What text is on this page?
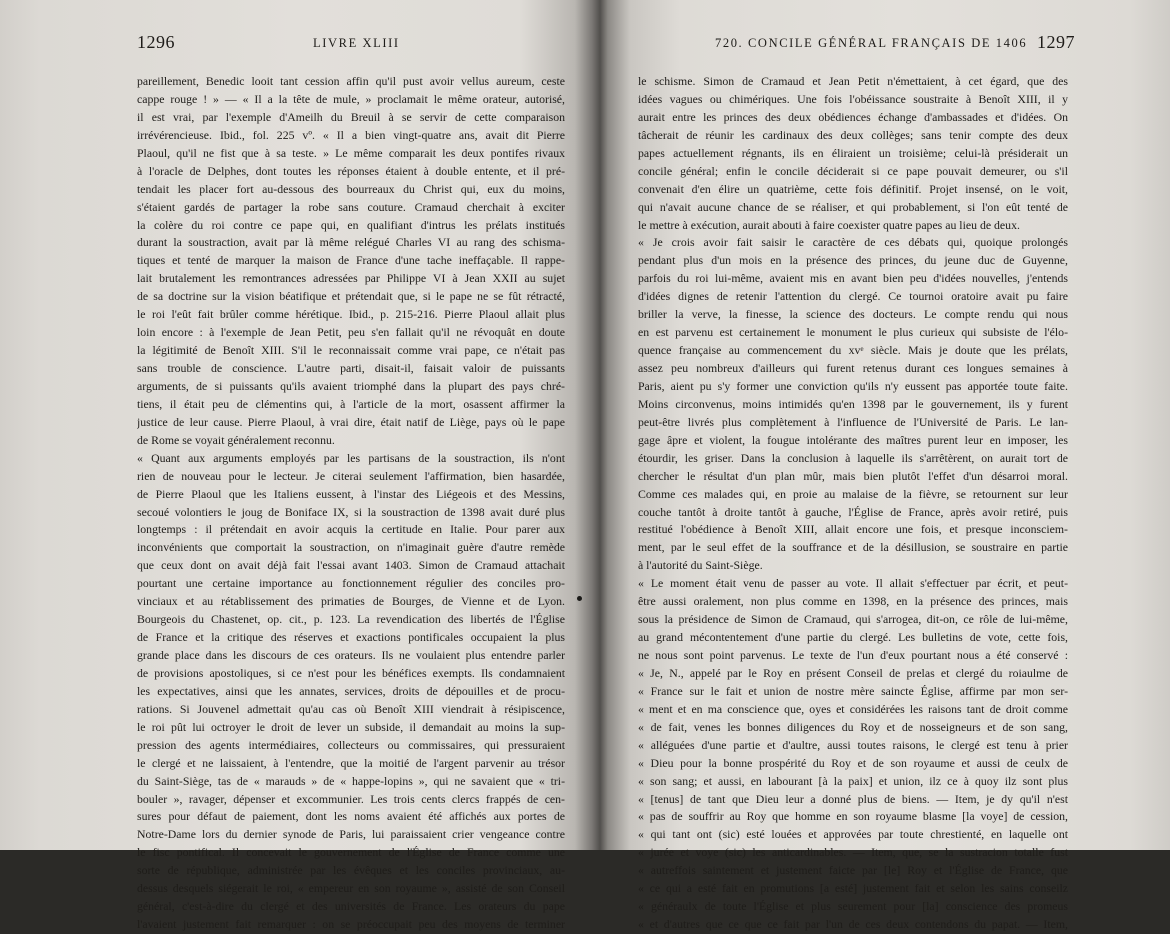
1296	LIVRE XLIII
pareillement, Benedic looit tant cession affin qu'il pust avoir vellus aureum, ceste
cappe rouge ! » — « Il a la tête de mule, » proclamait le même orateur, autorisé,
il est vrai, par l'exemple d'Ameilh du Breuil à se servir de cette comparaison
irrévérencieuse. Ibid., fol. 225 vº. « Il a bien vingt-quatre ans, avait dit Pierre
Plaoul, qu'il ne fist que à sa teste. » Le même comparait les deux pontifes rivaux
à l'oracle de Delphes, dont toutes les réponses étaient à double entente, et il pré-
tendait les placer fort au-dessous des bourreaux du Christ qui, eux du moins,
s'étaient gardés de partager la robe sans couture. Cramaud cherchait à exciter
la colère du roi contre ce pape qui, en qualifiant d'intrus les prélats institués
durant la soustraction, avait par là même relégué Charles VI au rang des schisma-
tiques et tenté de marquer la maison de France d'une tache ineffaçable. Il rappe-
lait brutalement les remontrances adressées par Philippe VI à Jean XXII au sujet
de sa doctrine sur la vision béatifique et prétendait que, si le pape ne se fût rétracté,
le roi l'eût fait brûler comme hérétique. Ibid., p. 215-216. Pierre Plaoul allait plus
loin encore : à l'exemple de Jean Petit, peu s'en fallait qu'il ne révoquât en doute
la légitimité de Benoît XIII. S'il le reconnaissait comme vrai pape, ce n'était pas
sans trouble de conscience. L'autre parti, disait-il, faisait valoir de puissants
arguments, de si puissants qu'ils avaient triomphé dans la plupart des pays chré-
tiens, il était peu de clémentins qui, à l'article de la mort, osassent affirmer la
justice de leur cause. Pierre Plaoul, à vrai dire, était natif de Liège, pays où le pape
de Rome se voyait généralement reconnu.
« Quant aux arguments employés par les partisans de la soustraction, ils n'ont
rien de nouveau pour le lecteur. Je citerai seulement l'affirmation, bien hasardée,
de Pierre Plaoul que les Italiens eussent, à l'instar des Liégeois et des Messins,
secoué volontiers le joug de Boniface IX, si la soustraction de 1398 avait duré plus
longtemps : il prétendait en avoir acquis la certitude en Italie. Pour parer aux
inconvénients que comportait la soustraction, on n'imaginait guère d'autre remède
que ceux dont on avait déjà fait l'essai avant 1403. Simon de Cramaud attachait
pourtant une certaine importance au fonctionnement régulier des conciles pro-
vinciaux et au rétablissement des primaties de Bourges, de Vienne et de Lyon.
Bourgeois du Chastenet, op. cit., p. 123. La revendication des libertés de l'Église
de France et la critique des réserves et exactions pontificales occupaient la plus
grande place dans les discours de ces orateurs. Ils ne voulaient plus entendre parler
de provisions apostoliques, si ce n'est pour les bénéfices exempts. Ils condamnaient
les expectatives, ainsi que les annates, services, droits de dépouilles et de procu-
rations. Si Jouvenel admettait qu'au cas où Benoît XIII viendrait à résipiscence,
le roi pût lui octroyer le droit de lever un subside, il demandait au moins la sup-
pression des agents intermédiaires, collecteurs ou commissaires, qui pressuraient
le clergé et ne laissaient, à l'entendre, que la moitié de l'argent parvenir au trésor
du Saint-Siège, tas de « marauds » de « happe-lopins », qui ne savaient que « tri-
bouler », ravager, dépenser et excommunier. Les trois cents clercs frappés de cen-
sures pour défaut de paiement, dont les noms avaient été affichés aux portes de
Notre-Dame lors du dernier synode de Paris, lui paraissaient crier vengeance contre
le fisc pontifical. Il concevait le gouvernement de l'Église de France comme une
sorte de république, administrée par les évêques et les conciles provinciaux, au-
dessus desquels siégerait le roi, « empereur en son royaume », assisté de son Conseil
général, c'est-à-dire du clergé et des universités de France. Les orateurs du pape
l'avaient justement fait remarquer : on se préoccupait peu des moyens de terminer
1297
720. CONCILE GÉNÉRAL FRANÇAIS DE 1406
le schisme. Simon de Cramaud et Jean Petit n'émettaient, à cet égard, que des
idées vagues ou chimériques. Une fois l'obéissance soustraite à Benoît XIII, il y
aurait entre les princes des deux obédiences échange d'ambassades et d'idées. On
tâcherait de réunir les cardinaux des deux collèges; sans tenir compte des deux
papes actuellement régnants, ils en éliraient un troisième; celui-là présiderait un
concile général; enfin le concile déciderait si ce pape pouvait demeurer, ou s'il
convenait d'en élire un quatrième, cette fois définitif. Projet insensé, on le voit,
qui n'avait aucune chance de se réaliser, et qui probablement, si l'on eût tenté de
le mettre à exécution, aurait abouti à faire coexister quatre papes au lieu de deux.
« Je crois avoir fait saisir le caractère de ces débats qui, quoique prolongés
pendant plus d'un mois en la présence des princes, du jeune duc de Guyenne,
parfois du roi lui-même, avaient mis en avant bien peu d'idées nouvelles, j'entends
d'idées dignes de retenir l'attention du clergé. Ce tournoi oratoire avait pu faire
briller la verve, la finesse, la science des docteurs. Le compte rendu qui nous
en est parvenu est certainement le monument le plus curieux qui subsiste de l'élo-
quence française au commencement du xvᵉ siècle. Mais je doute que les prélats,
assez peu nombreux d'ailleurs qui furent retenus durant ces longues semaines à
Paris, aient pu s'y former une conviction qu'ils n'y eussent pas apportée toute faite.
Moins circonvenus, moins intimidés qu'en 1398 par le gouvernement, ils y furent
peut-être livrés plus complètement à l'influence de l'Université de Paris. Le lan-
gage âpre et violent, la fougue intolérante des maîtres purent leur en imposer, les
étourdir, les griser. Dans la conclusion à laquelle ils s'arrêtèrent, on aurait tort de
chercher le résultat d'un plan mûr, mais bien plutôt l'effet d'un désarroi moral.
Comme ces malades qui, en proie au malaise de la fièvre, se retournent sur leur
couche tantôt à droite tantôt à gauche, l'Église de France, après avoir retiré, puis
restitué l'obédience à Benoît XIII, allait encore une fois, et presque inconsciem-
ment, par le seul effet de la souffrance et de la désillusion, se soustraire en partie
à l'autorité du Saint-Siège.
« Le moment était venu de passer au vote. Il allait s'effectuer par écrit, et peut-
être aussi oralement, non plus comme en 1398, en la présence des princes, mais
sous la présidence de Simon de Cramaud, qui s'arrogea, dit-on, ce rôle de lui-même,
au grand mécontentement d'une partie du clergé. Les bulletins de vote, cette fois,
ne nous sont point parvenus. Le texte de l'un d'eux pourtant nous a été conservé :
« Je, N., appelé par le Roy en présent Conseil de prelas et clergé du roiaulme de
« France sur le fait et union de nostre mère saincte Église, affirme par mon ser-
« ment et en ma conscience que, oyes et considérées les raisons tant de droit comme
« de fait, venes les bonnes diligences du Roy et de nosseigneurs et de son sang,
« alléguées d'une partie et d'aultre, aussi toutes raisons, le clergé est tenu à prier
« Dieu pour la bonne prospérité du Roy et de son royaume et aussi de ceulx de
« son sang; et aussi, en labourant [à la paix] et union, ilz ce à quoy ilz sont plus
« [tenus] de tant que Dieu leur a donné plus de biens. — Item, je dy qu'il n'est
« pas de souffrir au Roy que homme en son royaume blasme [la voye] de cession,
« qui tant ont (sic) esté louées et approvées par toute chrestienté, en laquelle ont
« jurée et voye (sic) les anticardinables. — Item, que, se la sustracion totalle fust
« autreffois saintement et justement faicte par [le] Roy et l'Église de France, que
« ce qui a esté fait en promutions [a esté] justement fait et selon les sains conseilz
« généraulx de toute l'Église et plus seurement pour [la] conscience des promeus
« et d'autres que ce que ce fait par l'un de ces deux contendons du papat. — Item,
